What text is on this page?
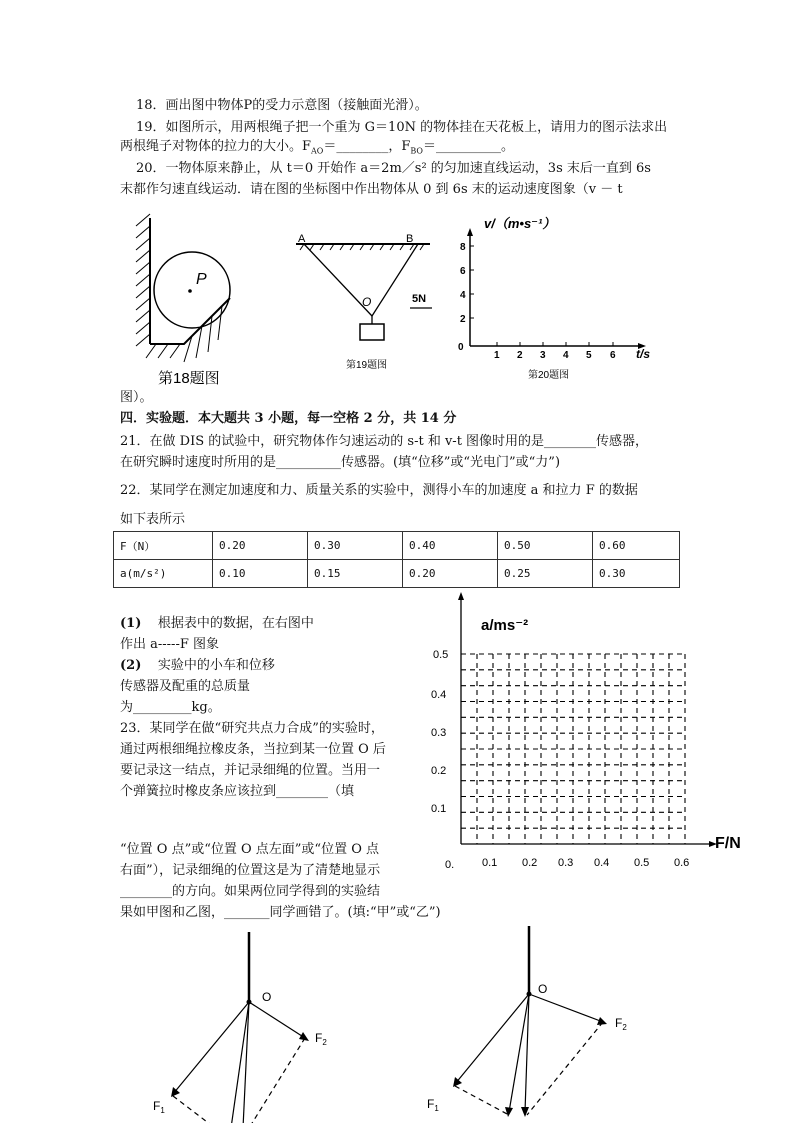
18．画出图中物体P的受力示意图（接触面光滑）。
19．如图所示，用两根绳子把一个重为 G＝10N 的物体挂在天花板上，请用力的图示法求出
两根绳子对物体的拉力的大小。$F_{AO}=\_\_\_\_\_\_\_\_$，$F_{BO}=\_\_\_\_\_\_\_\_\_\_$。
20．一物体原来静止，从 t＝0 开始作 a＝2m／s² 的匀加速直线运动，3s 末后一直到 6s
末都作匀速直线运动．请在图的坐标图中作出物体从 0 到 6s 末的运动速度图象（v － t
P
第18题图
A	B
O	5N
第19题图
v/（m•s⁻¹）
0
2
4
6
8
1 2 3 4 5 6 t/s
第20题图
图）。
四．实验题．本大题共 3 小题，每一空格 2 分，共 14 分
21．在做 DIS 的试验中，研究物体作匀速运动的 s-t 和 v-t 图像时用的是________传感器，
在研究瞬时速度时所用的是__________传感器。(填“位移”或“光电门”或“力”)
22．某同学在测定加速度和力、质量关系的实验中，测得小车的加速度 a 和拉力 F 的数据
如下表所示
F（N）	0.20	0.30	0.40	0.50	0.60
a(m/s²)	0.10	0.15	0.20	0.25	0.30
(1) 根据表中的数据，在右图中
作出 a-----F 图象
(2) 实验中的小车和位移
传感器及配重的总质量
为_________kg。
23．某同学在做“研究共点力合成”的实验时，
通过两根细绳拉橡皮条，当拉到某一位置 O 后
要记录这一结点，并记录细绳的位置。当用一
个弹簧拉时橡皮条应该拉到________（填
“位置 O 点”或“位置 O 点左面”或“位置 O 点
右面”），记录细绳的位置这是为了清楚地显示
________的方向。如果两位同学得到的实验结
果如甲图和乙图，_______同学画错了。(填:“甲”或“乙”)
a/ms⁻²
F/N
0.5
0.4
0.3
0.2
0.1
0.	0.1 0.2 0.3 0.4 0.5 0.6
O
$F_2$
$F_1$
O
$F_2$
$F_1$
